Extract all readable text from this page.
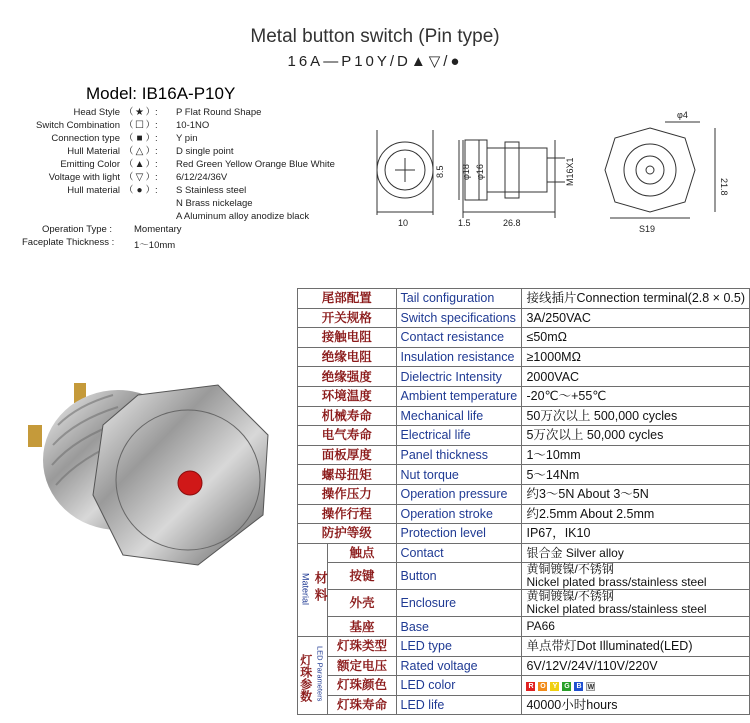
Metal button switch (Pin type)
16A—P10Y/D▲▽/●
Model: IB16A-P10Y
Head Style （ ★ ）: P Flat Round Shape
Switch Combination （ ☐ ）: 10-1NO
Connection type （ ■ ）: Y pin
Hull Material （ △ ）: D single point
Emitting Color （▲）: Red Green Yellow Orange Blue White
Voltage with light （ ▽ ）: 6/12/24/36V
Hull material （ ● ）: S Stainless steel
N Brass nickelage
A Aluminum alloy anodize black
Operation Type : Momentary
Faceplate Thickness : 1～10mm
10	1.5	26.8
S19
21.8
M16X1
8.5 φ18 φ16
φ4
尾部配置		Tail configuration	接线插片Connection terminal(2.8 × 0.5)
开关规格		Switch specifications	3A/250VAC
接触电阻		Contact resistance	≤50mΩ
绝缘电阻		Insulation resistance	≥1000MΩ
绝缘强度		Dielectric Intensity	2000VAC
环境温度		Ambient temperature	-20℃～+55℃
机械寿命		Mechanical life	50万次以上 500,000 cycles
电气寿命		Electrical life	5万次以上 50,000 cycles
面板厚度		Panel thickness	1～10mm
螺母扭矩		Nut torque	5～14Nm
操作压力		Operation pressure	约3～5N About 3～5N
操作行程		Operation stroke	约2.5mm About 2.5mm
防护等级		Protection level	IP67，IK10
Material 材料	触点	Contact	银合金 Silver alloy

	按键	Button	黄铜镀镍/不锈钢
Nickel plated brass/stainless steel

	外壳	Enclosure	黄铜镀镍/不锈钢
Nickel plated brass/stainless steel

	基座	Base	PA66

灯珠参数 LED Parameters	灯珠类型	LED type	单点带灯Dot Illuminated(LED)
	额定电压	Rated voltage	6V/12V/24V/110V/220V
	灯珠颜色	LED color	R O Y G B W
	灯珠寿命	LED life	40000小时hours
